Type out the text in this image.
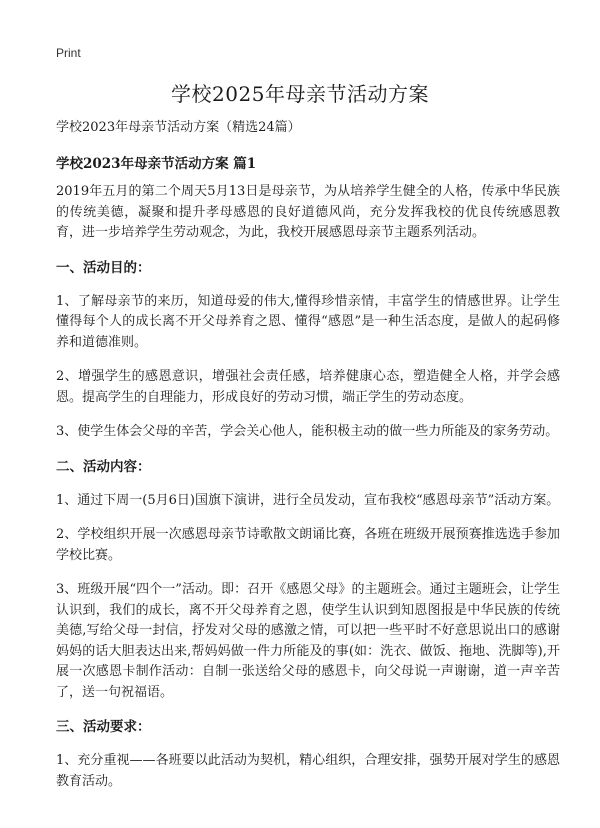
Print
学校2025年母亲节活动方案

学校2023年母亲节活动方案（精选24篇）

学校2023年母亲节活动方案 篇1

2019年五月的第二个周天5月13日是母亲节，为从培养学生健全的人格，传承中华民族的传统美德，凝聚和提升孝母感恩的良好道德风尚，充分发挥我校的优良传统感恩教育，进一步培养学生劳动观念，为此，我校开展感恩母亲节主题系列活动。

一、活动目的：

1、了解母亲节的来历，知道母爱的伟大,懂得珍惜亲情，丰富学生的情感世界。让学生懂得每个人的成长离不开父母养育之恩、懂得“感恩”是一种生活态度，是做人的起码修养和道德准则。

2、增强学生的感恩意识，增强社会责任感，培养健康心态，塑造健全人格，并学会感恩。提高学生的自理能力，形成良好的劳动习惯，端正学生的劳动态度。

3、使学生体会父母的辛苦，学会关心他人，能积极主动的做一些力所能及的家务劳动。

二、活动内容：

1、通过下周一(5月6日)国旗下演讲，进行全员发动，宣布我校“感恩母亲节”活动方案。

2、学校组织开展一次感恩母亲节诗歌散文朗诵比赛，各班在班级开展预赛推选选手参加学校比赛。

3、班级开展“四个一”活动。即：召开《感恩父母》的主题班会。通过主题班会，让学生认识到，我们的成长，离不开父母养育之恩，使学生认识到知恩图报是中华民族的传统美德,写给父母一封信，抒发对父母的感激之情，可以把一些平时不好意思说出口的感谢妈妈的话大胆表达出来,帮妈妈做一件力所能及的事(如：洗衣、做饭、拖地、洗脚等),开展一次感恩卡制作活动：自制一张送给父母的感恩卡，向父母说一声谢谢，道一声辛苦了，送一句祝福语。

三、活动要求：

1、充分重视——各班要以此活动为契机，精心组织，合理安排，强势开展对学生的感恩教育活动。
